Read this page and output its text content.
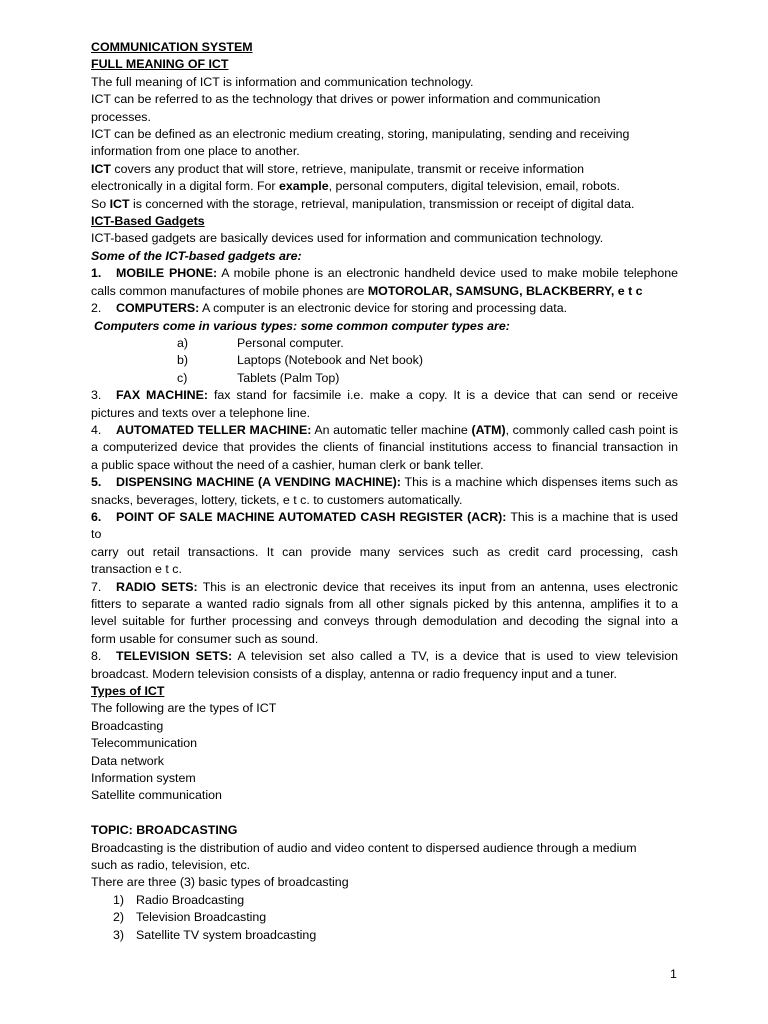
COMMUNICATION SYSTEM
FULL MEANING OF ICT
The full meaning of ICT is information and communication technology.
ICT can be referred to as the technology that drives or power information and communication
processes.
ICT can be defined as an electronic medium creating, storing, manipulating, sending and receiving
information from one place to another.
ICT covers any product that will store, retrieve, manipulate, transmit or receive information
electronically in a digital form. For example, personal computers, digital television, email, robots.
So ICT is concerned with the storage, retrieval, manipulation, transmission or receipt of digital data.
ICT-Based Gadgets
ICT-based gadgets are basically devices used for information and communication technology.
Some of the ICT-based gadgets are:
1. MOBILE PHONE: A mobile phone is an electronic handheld device used to make mobile telephone
calls common manufactures of mobile phones are MOTOROLAR, SAMSUNG, BLACKBERRY, e t c
2. COMPUTERS: A computer is an electronic device for storing and processing data.
Computers come in various types: some common computer types are:
a)	Personal computer.
b)	Laptops (Notebook and Net book)
c)	Tablets (Palm Top)
3. FAX MACHINE: fax stand for facsimile i.e. make a copy. It is a device that can send or receive
pictures and texts over a telephone line.
4. AUTOMATED TELLER MACHINE: An automatic teller machine (ATM), commonly called cash point is
a computerized device that provides the clients of financial institutions access to financial transaction in
a public space without the need of a cashier, human clerk or bank teller.
5. DISPENSING MACHINE (A VENDING MACHINE): This is a machine which dispenses items such as
snacks, beverages, lottery, tickets, e t c. to customers automatically.
6. POINT OF SALE MACHINE AUTOMATED CASH REGISTER (ACR): This is a machine that is used to
carry out retail transactions. It can provide many services such as credit card processing, cash
transaction e t c.
7. RADIO SETS: This is an electronic device that receives its input from an antenna, uses electronic
fitters to separate a wanted radio signals from all other signals picked by this antenna, amplifies it to a
level suitable for further processing and conveys through demodulation and decoding the signal into a
form usable for consumer such as sound.
8. TELEVISION SETS: A television set also called a TV, is a device that is used to view television
broadcast. Modern television consists of a display, antenna or radio frequency input and a tuner.
Types of ICT
The following are the types of ICT
Broadcasting
Telecommunication
Data network
Information system
Satellite communication
TOPIC: BROADCASTING
Broadcasting is the distribution of audio and video content to dispersed audience through a medium
such as radio, television, etc.
There are three (3) basic types of broadcasting
1) Radio Broadcasting
2) Television Broadcasting
3) Satellite TV system broadcasting
1
